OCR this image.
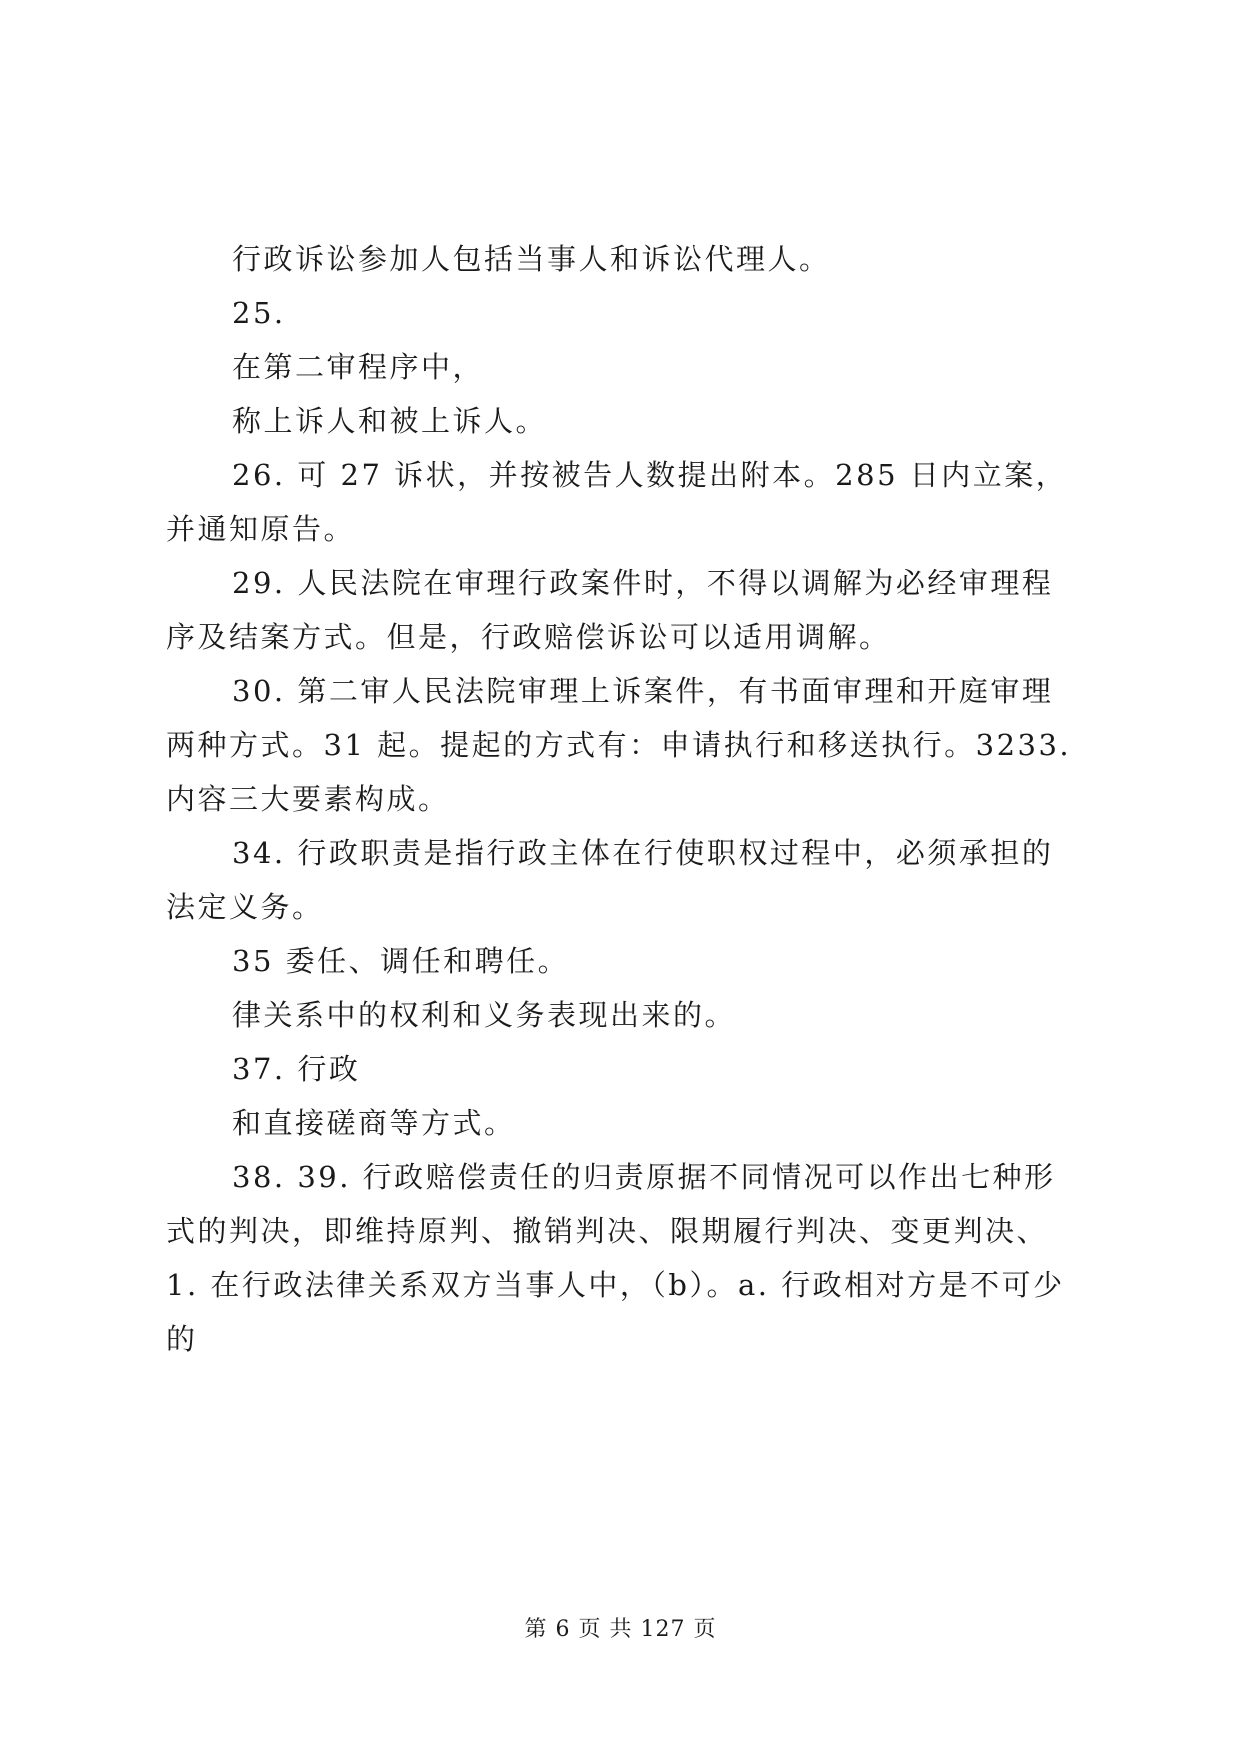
行政诉讼参加人包括当事人和诉讼代理人。

25.

在第二审程序中，

称上诉人和被上诉人。

26. 可 27 诉状，并按被告人数提出附本。285 日内立案，并通知原告。

29. 人民法院在审理行政案件时，不得以调解为必经审理程序及结案方式。但是，行政赔偿诉讼可以适用调解。

30. 第二审人民法院审理上诉案件，有书面审理和开庭审理两种方式。31 起。提起的方式有：申请执行和移送执行。3233. 内容三大要素构成。

34. 行政职责是指行政主体在行使职权过程中，必须承担的法定义务。

35 委任、调任和聘任。

律关系中的权利和义务表现出来的。

37. 行政

和直接磋商等方式。

38. 39. 行政赔偿责任的归责原据不同情况可以作出七种形式的判决，即维持原判、撤销判决、限期履行判决、变更判决、1. 在行政法律关系双方当事人中，（b）。a. 行政相对方是不可少的

第 6 页 共 127 页
